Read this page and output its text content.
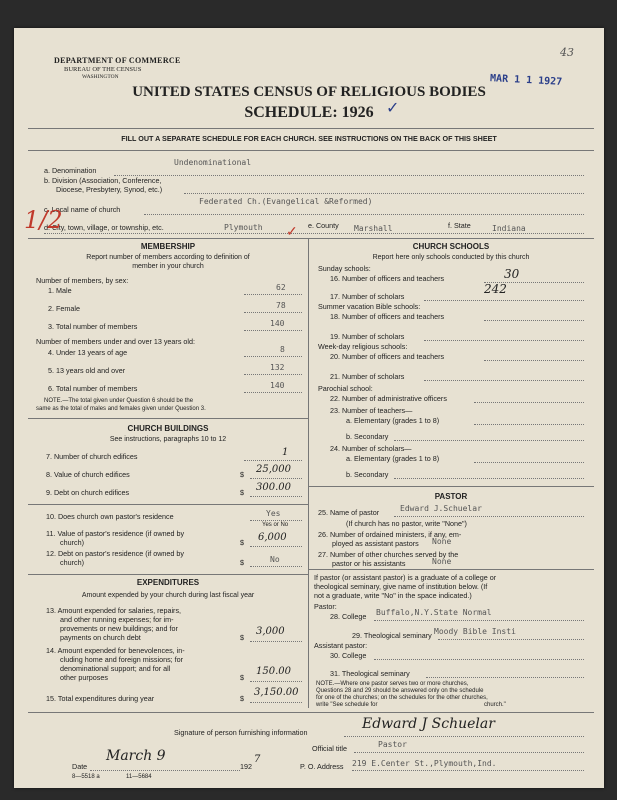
DEPARTMENT OF COMMERCE
BUREAU OF THE CENSUS
WASHINGTON	MAR 1 1 1927
43
UNITED STATES CENSUS OF RELIGIOUS BODIES
SCHEDULE: 1926 ✓
FILL OUT A SEPARATE SCHEDULE FOR EACH CHURCH. SEE INSTRUCTIONS ON THE BACK OF THIS SHEET
a. Denomination
Undenominational
b. Division (Association, Conference,
Diocese, Presbytery, Synod, etc.)
c. Local name of church
Federated Ch.(Evangelical &Reformed)
d. City, town, village, or township, etc.	Plymouth	e. County Marshall	f. State	Indiana
1/2	✓
MEMBERSHIP
Report number of members according to definition of
member in your church
Number of members, by sex:
1. Male	62
2. Female	78
3. Total number of members	140
Number of members under and over 13 years old:
4. Under 13 years of age	8
5. 13 years old and over	132
6. Total number of members	140
NOTE.—The total given under Question 6 should be the
same as the total of males and females given under Question 3.
CHURCH BUILDINGS
See instructions, paragraphs 10 to 12
7. Number of church edifices	1
8. Value of church edifices	$ 25,000
9. Debt on church edifices	$ 300.00
10. Does church own pastor's residence	Yes
Yes or No
11. Value of pastor's residence (if owned by
church)	$ 6,000
12. Debt on pastor's residence (if owned by
church)	$	No
EXPENDITURES
Amount expended by your church during last fiscal year
13. Amount expended for salaries, repairs,
and other running expenses; for im-
provements or new buildings; and for
payments on church debt	$
3,000
14. Amount expended for benevolences, in-
cluding home and foreign missions; for
denominational support; and for all
other purposes	$
150.00
15. Total expenditures during year	$
3,150.00
CHURCH SCHOOLS
Report here only schools conducted by this church
Sunday schools:
16. Number of officers and teachers	30
17. Number of scholars
242
Summer vacation Bible schools:
18. Number of officers and teachers
19. Number of scholars
Week-day religious schools:
20. Number of officers and teachers
21. Number of scholars
Parochial school:
22. Number of administrative officers
23. Number of teachers—
a. Elementary (grades 1 to 8)
b. Secondary
24. Number of scholars—
a. Elementary (grades 1 to 8)
b. Secondary
PASTOR
25. Name of pastor	Edward J.Schuelar
(If church has no pastor, write "None")
26. Number of ordained ministers, if any, em-
ployed as assistant pastors None
27. Number of other churches served by the
pastor or his assistants	None
If pastor (or assistant pastor) is a graduate of a college or
theological seminary, give name of institution below. (If
not a graduate, write "No" in the space indicated.)
Pastor:
28. College Buffalo,N.Y.State Normal
29. Theological seminary Moody Bible Insti
Assistant pastor:
30. College
31. Theological seminary
NOTE.—Where one pastor serves two or more churches,
Questions 28 and 29 should be answered only on the schedule
for one of the churches; on the schedules for the other churches,
write "See schedule for	church."
Signature of person furnishing information
Edward J Schuelar
Official title	Pastor
Date
March 9
192
7
P. O. Address 219 E.Center St.,Plymouth,Ind.
8—5518 a	11—5684
